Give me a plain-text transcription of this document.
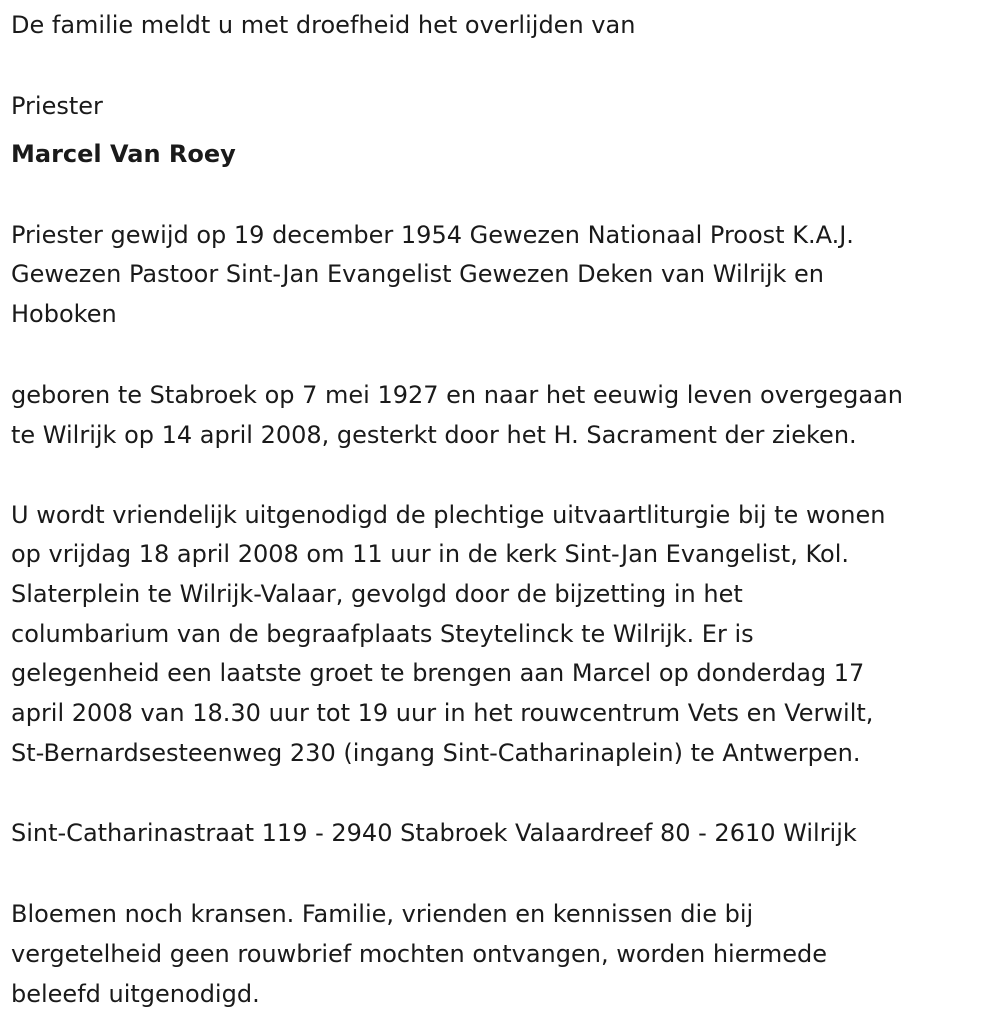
De familie meldt u met droefheid het overlijden van

Priester

Marcel Van Roey

Priester gewijd op 19 december 1954 Gewezen Nationaal Proost K.A.J.

Gewezen Pastoor Sint-Jan Evangelist Gewezen Deken van Wilrijk en

Hoboken

geboren te Stabroek op 7 mei 1927 en naar het eeuwig leven overgegaan

te Wilrijk op 14 april 2008, gesterkt door het H. Sacrament der zieken.

U wordt vriendelijk uitgenodigd de plechtige uitvaartliturgie bij te wonen

op vrijdag 18 april 2008 om 11 uur in de kerk Sint-Jan Evangelist, Kol.

Slaterplein te Wilrijk-Valaar, gevolgd door de bijzetting in het

columbarium van de begraafplaats Steytelinck te Wilrijk. Er is

gelegenheid een laatste groet te brengen aan Marcel op donderdag 17

april 2008 van 18.30 uur tot 19 uur in het rouwcentrum Vets en Verwilt,

St-Bernardsesteenweg 230 (ingang Sint-Catharinaplein) te Antwerpen.

Sint-Catharinastraat 119 - 2940 Stabroek Valaardreef 80 - 2610 Wilrijk

Bloemen noch kransen. Familie, vrienden en kennissen die bij

vergetelheid geen rouwbrief mochten ontvangen, worden hiermede

beleefd uitgenodigd.
